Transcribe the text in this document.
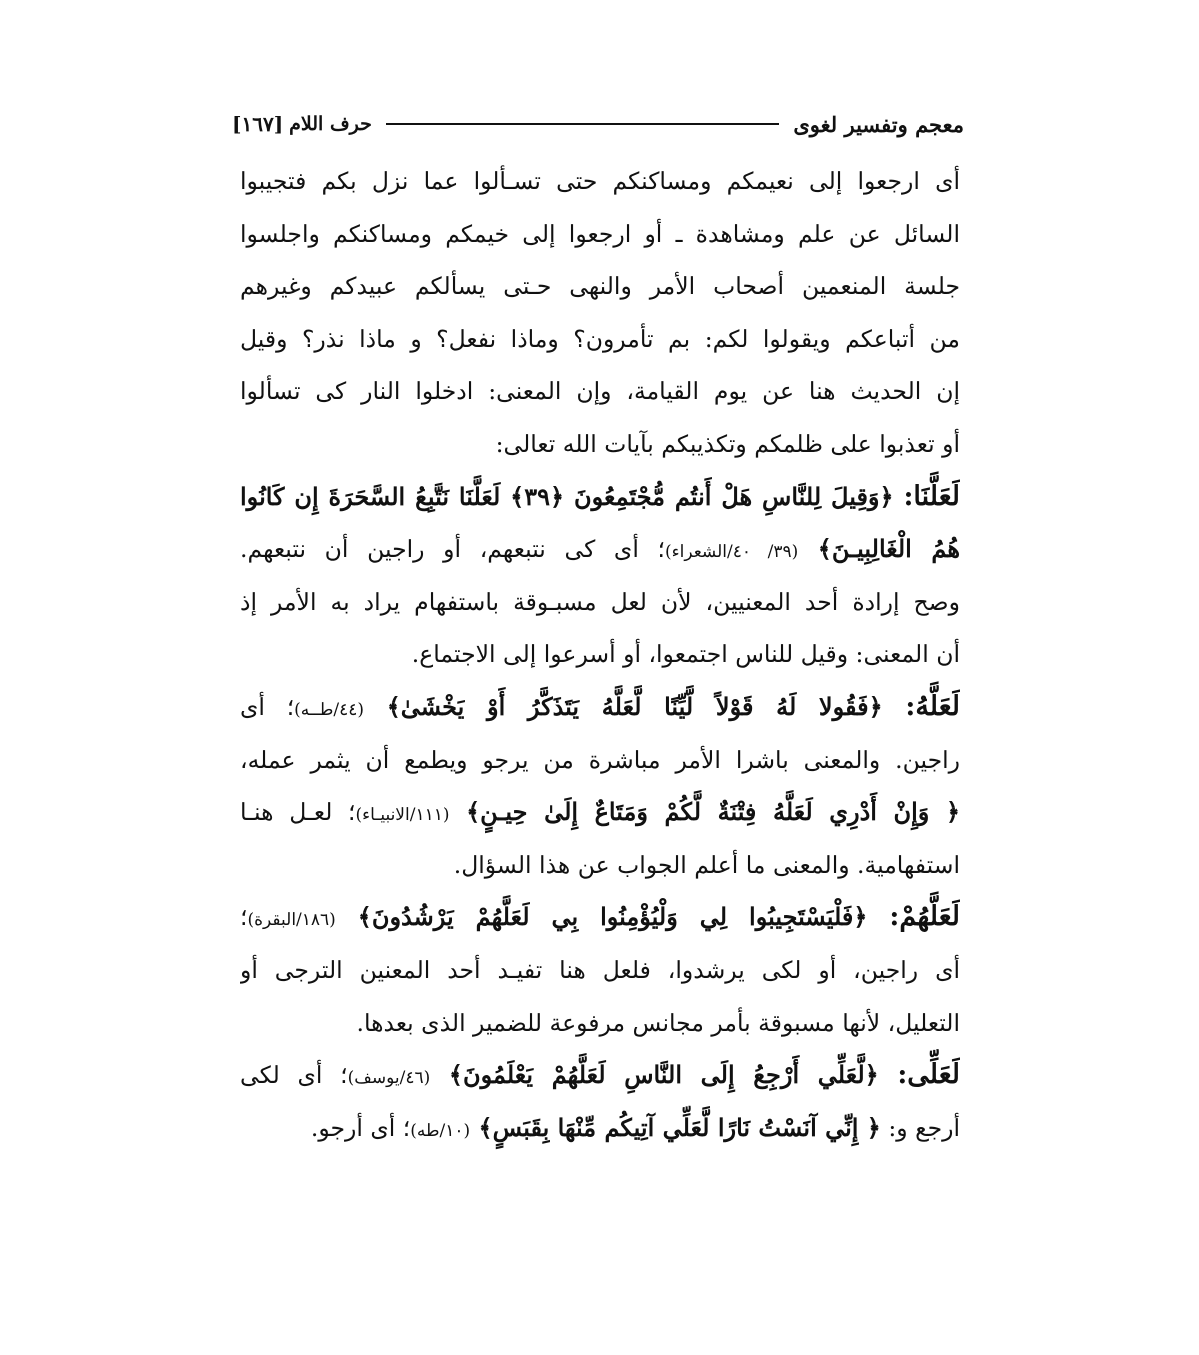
معجم وتفسير لغوى
حرف اللام
[١٦٧]
أى ارجعوا إلى نعيمكم ومساكنكم حتى تسـألوا عما نزل بكم فتجيبوا
السائل عن علم ومشاهدة ـ أو ارجعوا إلى خيمكم ومساكنكم واجلسوا
جلسة المنعمين أصحاب الأمر والنهى حـتى يسألكم عبيدكم وغيرهم
من أتباعكم ويقولوا لكم: بم تأمرون؟ وماذا نفعل؟ و ماذا نذر؟ وقيل
إن الحديث هنا عن يوم القيامة، وإن المعنى: ادخلوا النار كى تسألوا
أو تعذبوا على ظلمكم وتكذيبكم بآيات الله تعالى:
لَعَلَّنَا: ﴿وَقِيلَ لِلنَّاسِ هَلْ أَنتُم مُّجْتَمِعُونَ ﴿٣٩﴾ لَعَلَّنَا نَتَّبِعُ السَّحَرَةَ إِن كَانُوا
هُمُ الْغَالِبِيـنَ﴾ (٣٩/ ٤٠/الشعراء)؛ أى كى نتبعهم، أو راجين أن نتبعهم.
وصح إرادة أحد المعنيين، لأن لعل مسبـوقة باستفهام يراد به الأمر إذ
أن المعنى: وقيل للناس اجتمعوا، أو أسرعوا إلى الاجتماع.
لَعَلَّهُ: ﴿فَقُولا لَهُ قَوْلاً لَّيِّنًا لَّعَلَّهُ يَتَذَكَّرُ أَوْ يَخْشَىٰ﴾ (٤٤/طــه)؛ أى
راجين. والمعنى باشرا الأمر مباشرة من يرجو ويطمع أن يثمر عمله،
﴿ وَإِنْ أَدْرِي لَعَلَّهُ فِتْنَةٌ لَّكُمْ وَمَتَاعٌ إِلَىٰ حِيـنٍ﴾ (١١١/الانبيـاء)؛ لعـل هنـا
استفهامية. والمعنى ما أعلم الجواب عن هذا السؤال.
لَعَلَّهُمْ: ﴿فَلْيَسْتَجِيبُوا لِي وَلْيُؤْمِنُوا بِي لَعَلَّهُمْ يَرْشُدُونَ﴾ (١٨٦/البقرة)؛
أى راجين، أو لكى يرشدوا، فلعل هنا تفيـد أحد المعنين الترجى أو
التعليل، لأنها مسبوقة بأمر مجانس مرفوعة للضمير الذى بعدها.
لَعَلِّى: ﴿لَّعَلِّي أَرْجِعُ إِلَى النَّاسِ لَعَلَّهُمْ يَعْلَمُونَ﴾ (٤٦/يوسف)؛ أى لكى
أرجع و: ﴿ إِنِّي آنَسْتُ نَارًا لَّعَلِّي آتِيكُم مِّنْهَا بِقَبَسٍ﴾ (١٠/طه)؛ أى أرجو.
